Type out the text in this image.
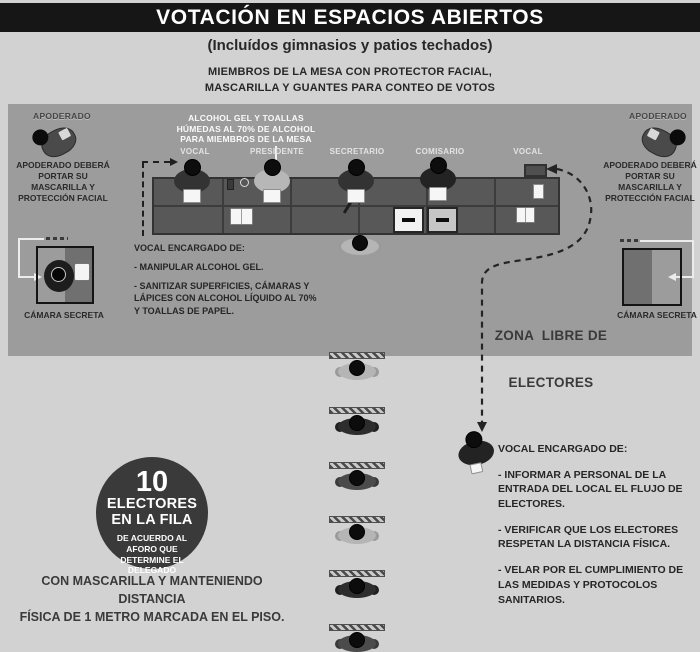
VOTACIÓN EN ESPACIOS ABIERTOS
(Incluídos gimnasios y patios techados)
MIEMBROS DE LA MESA CON PROTECTOR FACIAL,
MASCARILLA Y GUANTES PARA CONTEO DE VOTOS
APODERADO
APODERADO DEBERÁ PORTAR SU MASCARILLA Y PROTECCIÓN FACIAL
APODERADO
APODERADO DEBERÁ PORTAR SU MASCARILLA Y PROTECCIÓN FACIAL
ALCOHOL GEL Y TOALLAS
HÚMEDAS AL 70% DE ALCOHOL
PARA MIEMBROS DE LA MESA
VOCAL	PRESIDENTE	SECRETARIO	COMISARIO	VOCAL

VOCAL ENCARGADO DE:

- MANIPULAR ALCOHOL GEL.

- SANITIZAR SUPERFICIES, CÁMARAS Y LÁPICES CON ALCOHOL LÍQUIDO AL 70% Y TOALLAS DE PAPEL.

CÁMARA SECRETA	CÁMARA SECRETA

ZONA  LIBRE DE

ELECTORES

10
ELECTORES
EN LA FILA
DE ACUERDO AL
AFORO QUE
DETERMINE EL
DELEGADO
CON MASCARILLA Y MANTENIENDO DISTANCIA
FÍSICA DE 1 METRO MARCADA EN EL PISO.

VOCAL ENCARGADO DE:

- INFORMAR A PERSONAL DE LA ENTRADA DEL LOCAL EL FLUJO DE ELECTORES.

- VERIFICAR QUE LOS ELECTORES RESPETAN LA DISTANCIA FÍSICA.

- VELAR POR EL CUMPLIMIENTO DE LAS MEDIDAS Y PROTOCOLOS SANITARIOS.
